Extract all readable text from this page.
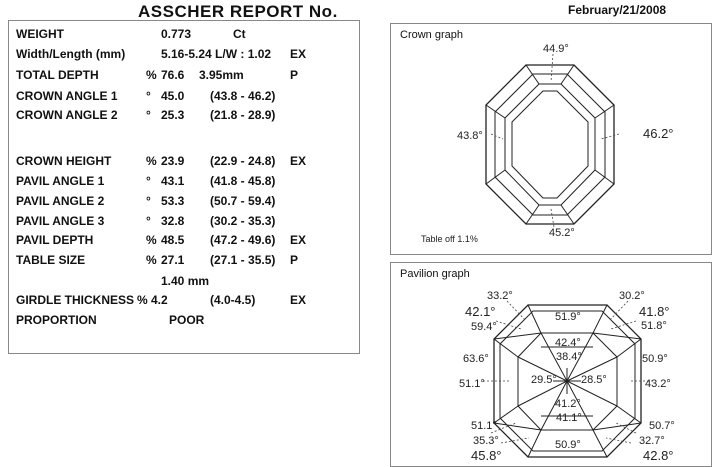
ASSCHER REPORT No.	February/21/2008
WEIGHT	0.773	Ct
Width/Length (mm)	5.16-5.24 L/W : 1.02 EX
TOTAL DEPTH	% 76.6 3.95mm	P
CROWN ANGLE 1 ° 45.0 (43.8 - 46.2)
CROWN ANGLE 2 ° 25.3 (21.8 - 28.9)
CROWN HEIGHT	% 23.9 (22.9 - 24.8) EX
PAVIL ANGLE 1	° 43.1 (41.8 - 45.8)
PAVIL ANGLE 2	° 53.3 (50.7 - 59.4)
PAVIL ANGLE 3	° 32.8 (30.2 - 35.3)
PAVIL DEPTH	% 48.5 (47.2 - 49.6) EX
TABLE SIZE	% 27.1 (27.1 - 35.5) P
1.40 mm
GIRDLE THICKNESS % 4.2	(4.0-4.5)	EX
PROPORTION	POOR
Crown graph
44.9°
43.8°	46.2°
45.2°
Table off 1.1%
Pavilion graph
33.2°
42.1°
59.4°
30.2°
41.8°
51.8°
63.6°
51.1°
50.9°
43.2°
51.9°
42.4°
38.4°
29.5° 28.5°
41.2°
41.1°
50.9°
51.1°
35.3°
45.8°
50.7°
32.7°
42.8°
